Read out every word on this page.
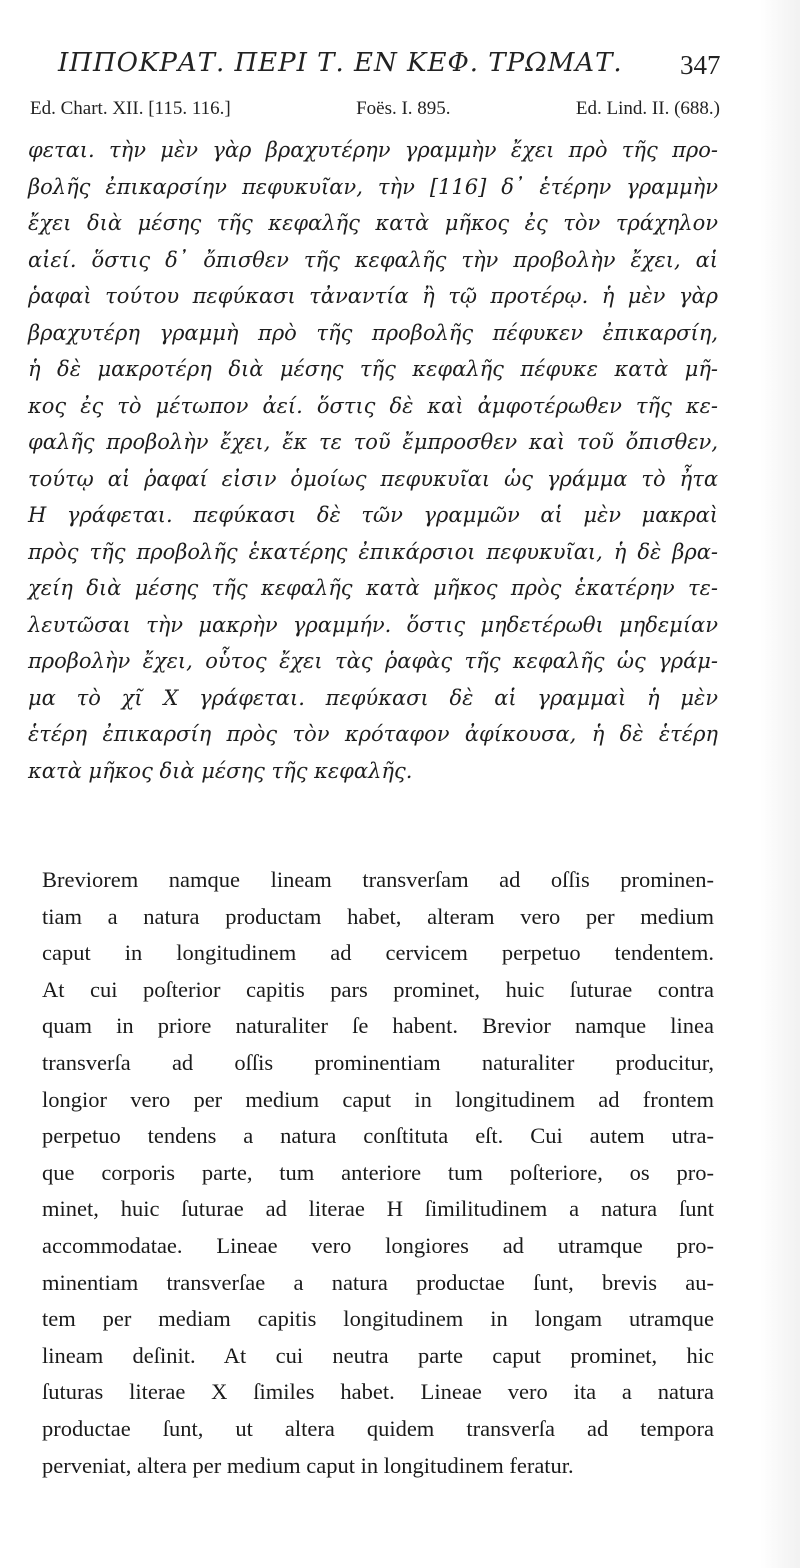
ΙΠΠΟΚΡΑΤ. ΠΕΡΙ Τ. ΕΝ ΚΕΦ. ΤΡΩΜΑΤ.	347
Ed. Chart. XII. [115. 116.]	Foës. I. 895.	Ed. Lind. II. (688.)
φεται. τὴν μὲν γὰρ βραχυτέρην γραμμὴν ἔχει πρὸ τῆς προ-
βολῆς ἐπικαρσίην πεφυκυῖαν, τὴν [116] δ᾽ ἑτέρην γραμμὴν
ἔχει διὰ μέσης τῆς κεφαλῆς κατὰ μῆκος ἐς τὸν τράχηλον
αἰεί. ὅστις δ᾽ ὄπισθεν τῆς κεφαλῆς τὴν προβολὴν ἔχει, αἱ
ῥαφαὶ τούτου πεφύκασι τἀναντία ἢ τῷ προτέρῳ. ἡ μὲν γὰρ
βραχυτέρη γραμμὴ πρὸ τῆς προβολῆς πέφυκεν ἐπικαρσίη,
ἡ δὲ μακροτέρη διὰ μέσης τῆς κεφαλῆς πέφυκε κατὰ μῆ-
κος ἐς τὸ μέτωπον ἀεί. ὅστις δὲ καὶ ἀμφοτέρωθεν τῆς κε-
φαλῆς προβολὴν ἔχει, ἔκ τε τοῦ ἔμπροσθεν καὶ τοῦ ὄπισθεν,
τούτῳ αἱ ῥαφαί εἰσιν ὁμοίως πεφυκυῖαι ὡς γράμμα τὸ ἦτα
Η γράφεται. πεφύκασι δὲ τῶν γραμμῶν αἱ μὲν μακραὶ
πρὸς τῆς προβολῆς ἑκατέρης ἐπικάρσιοι πεφυκυῖαι, ἡ δὲ βρα-
χείη διὰ μέσης τῆς κεφαλῆς κατὰ μῆκος πρὸς ἑκατέρην τε-
λευτῶσαι τὴν μακρὴν γραμμήν. ὅστις μηδετέρωθι μηδεμίαν
προβολὴν ἔχει, οὗτος ἔχει τὰς ῥαφὰς τῆς κεφαλῆς ὡς γράμ-
μα τὸ χῖ Χ γράφεται. πεφύκασι δὲ αἱ γραμμαὶ ἡ μὲν
ἑτέρη ἐπικαρσίη πρὸς τὸν κρόταφον ἀφίκουσα, ἡ δὲ ἑτέρη
κατὰ μῆκος διὰ μέσης τῆς κεφαλῆς.
Breviorem namque lineam transverſam ad oſſis prominen-
tiam a natura productam habet, alteram vero per medium
caput in longitudinem ad cervicem perpetuo tendentem.
At cui poſterior capitis pars prominet, huic ſuturae contra
quam in priore naturaliter ſe habent. Brevior namque linea
transverſa ad oſſis prominentiam naturaliter producitur,
longior vero per medium caput in longitudinem ad frontem
perpetuo tendens a natura conſtituta eſt. Cui autem utra-
que corporis parte, tum anteriore tum poſteriore, os pro-
minet, huic ſuturae ad literae H ſimilitudinem a natura ſunt
accommodatae. Lineae vero longiores ad utramque pro-
minentiam transverſae a natura productae ſunt, brevis au-
tem per mediam capitis longitudinem in longam utramque
lineam deſinit. At cui neutra parte caput prominet, hic
ſuturas literae X ſimiles habet. Lineae vero ita a natura
productae ſunt, ut altera quidem transverſa ad tempora
perveniat, altera per medium caput in longitudinem feratur.
